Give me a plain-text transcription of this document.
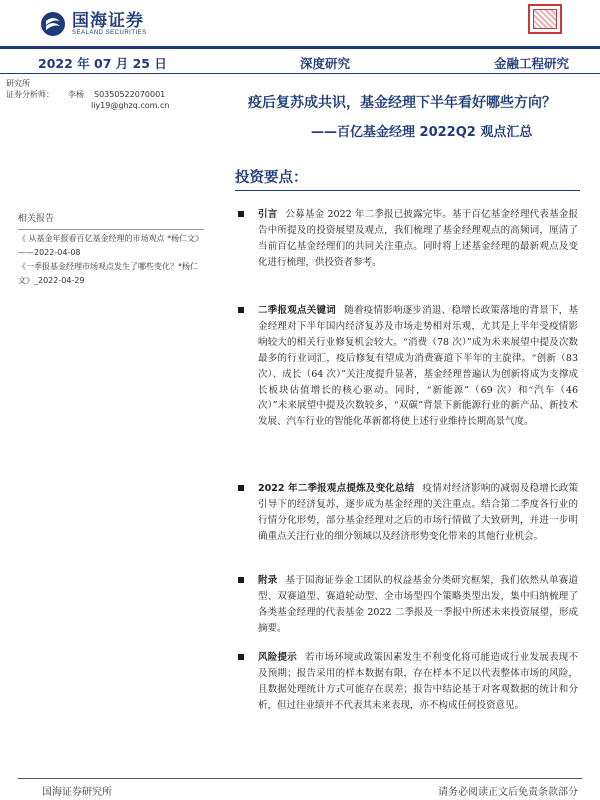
国海证券
SEALAND SECURITIES
2022 年 07 月 25 日	深度研究	金融工程研究
研究所
证券分析师：	李杨	S0350522070001
liy19@ghzq.com.cn	疫后复苏成共识，基金经理下半年看好哪些方向？
——百亿基金经理 2022Q2 观点汇总
投资要点：
相关报告
《 从基金年报看百亿基金经理的市场观点 *杨仁文》——2022-04-08
《一季报基金经理市场观点发生了哪些变化？*杨仁文》_2022-04-29
引言 公募基金 2022 年二季报已披露完毕。基于百亿基金经理代表基金报告中所提及的投资展望及观点，我们梳理了基金经理观点的高频词，厘清了当前百亿基金经理们的共同关注重点。同时将上述基金经理的最新观点及变化进行梳理，供投资者参考。
二季报观点关键词 随着疫情影响逐步消退、稳增长政策落地的背景下，基金经理对下半年国内经济复苏及市场走势相对乐观，尤其是上半年受疫情影响较大的相关行业修复机会较大。“消费（78 次）”成为未来展望中提及次数最多的行业词汇，疫后修复有望成为消费赛道下半年的主旋律。“创新（83 次）、成长（64 次）”关注度提升显著，基金经理普遍认为创新将成为支撑成长板块估值增长的核心驱动。同时，“新能源”（69 次）和“汽车（46 次）”未来展望中提及次数较多，“双碳”背景下新能源行业的新产品、新技术发展、汽车行业的智能化革新都将使上述行业维持长期高景气度。
2022 年二季报观点提炼及变化总结 疫情对经济影响的减弱及稳增长政策引导下的经济复苏，逐步成为基金经理的关注重点。结合第二季度各行业的行情分化形势，部分基金经理对之后的市场行情做了大致研判，并进一步明确重点关注行业的细分领域以及经济形势变化带来的其他行业机会。
附录 基于国海证券金工团队的权益基金分类研究框架，我们依然从单赛道型、双赛道型、赛道轮动型、全市场型四个策略类型出发，集中归纳梳理了各类基金经理的代表基金 2022 二季报及一季报中所述未来投资展望，形成摘要。
风险提示 若市场环境或政策因素发生不利变化将可能造成行业发展表现不及预期；报告采用的样本数据有限，存在样本不足以代表整体市场的风险，且数据处理统计方式可能存在误差；报告中结论基于对客观数据的统计和分析，但过往业绩并不代表其未来表现，亦不构成任何投资意见。
国海证券研究所	请务必阅读正文后免责条款部分
